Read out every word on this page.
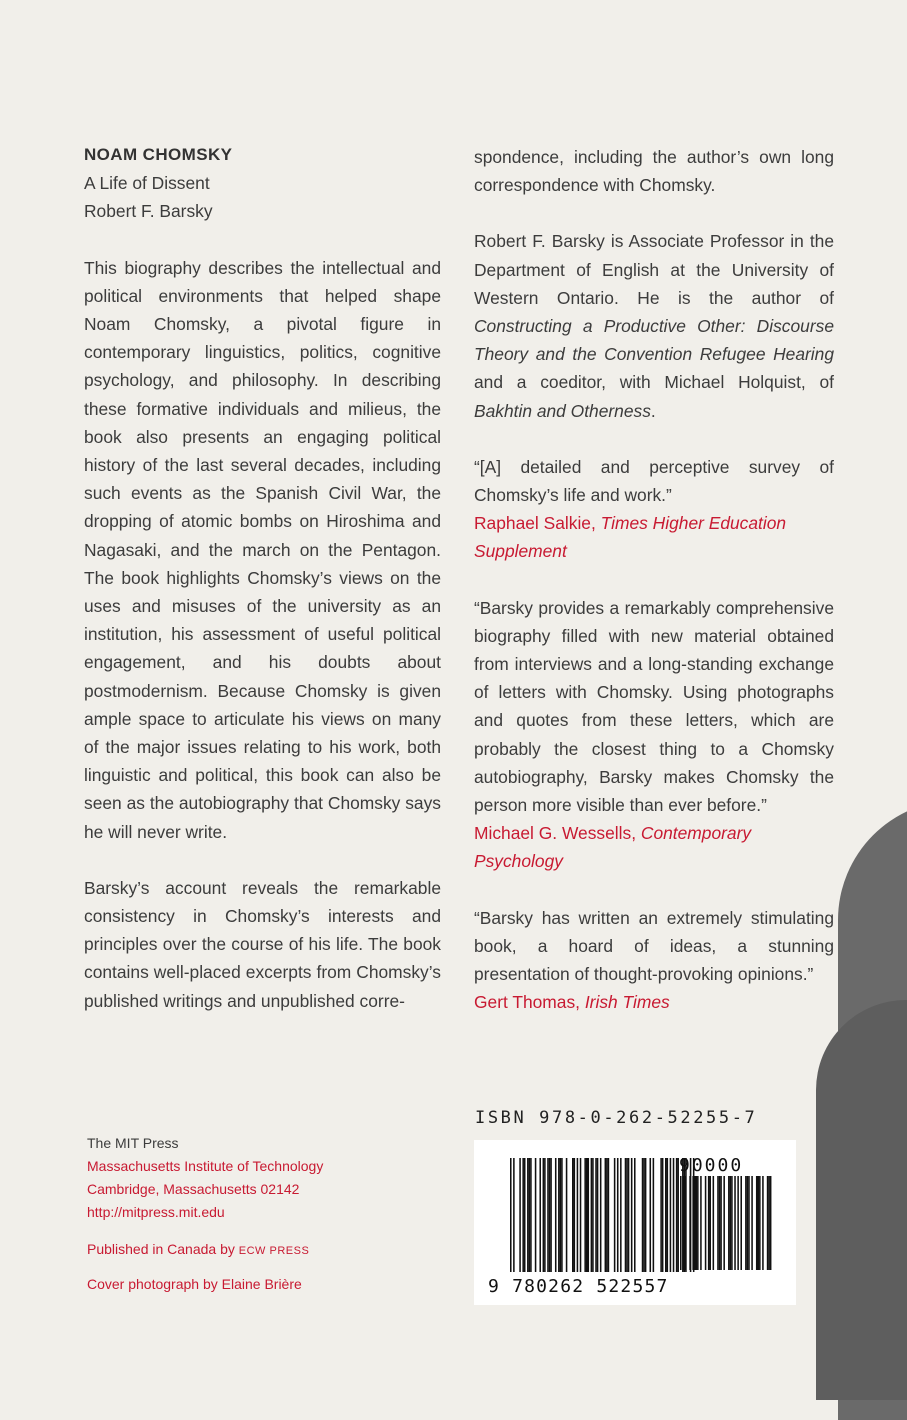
NOAM CHOMSKY

A Life of Dissent

Robert F. Barsky

This biography describes the intellectual and political environments that helped shape Noam Chomsky, a pivotal figure in contemporary linguistics, politics, cognitive psychology, and philosophy. In describing these formative individuals and milieus, the book also presents an engaging political history of the last several decades, including such events as the Spanish Civil War, the dropping of atomic bombs on Hiroshima and Nagasaki, and the march on the Pentagon. The book highlights Chomsky’s views on the uses and misuses of the university as an institution, his assessment of useful political engagement, and his doubts about postmodernism. Because Chomsky is given ample space to articulate his views on many of the major issues relating to his work, both linguistic and political, this book can also be seen as the autobiography that Chomsky says he will never write.

Barsky’s account reveals the remarkable consistency in Chomsky’s interests and principles over the course of his life. The book contains well-placed excerpts from Chomsky’s published writings and unpublished corre-

spondence, including the author’s own long correspondence with Chomsky.

Robert F. Barsky is Associate Professor in the Department of English at the University of Western Ontario. He is the author of Constructing a Productive Other: Discourse Theory and the Convention Refugee Hearing and a coeditor, with Michael Holquist, of Bakhtin and Otherness.

“[A] detailed and perceptive survey of Chomsky’s life and work.”

Raphael Salkie, Times Higher Education Supplement

“Barsky provides a remarkably comprehensive biography filled with new material obtained from interviews and a long-standing exchange of letters with Chomsky. Using photographs and quotes from these letters, which are probably the closest thing to a Chomsky autobiography, Barsky makes Chomsky the person more visible than ever before.”

Michael G. Wessells, Contemporary Psychology

“Barsky has written an extremely stimulating book, a hoard of ideas, a stunning presentation of thought-provoking opinions.”

Gert Thomas, Irish Times

The MIT Press

Massachusetts Institute of Technology

Cambridge, Massachusetts 02142

http://mitpress.mit.edu

Published in Canada by ECW PRESS

Cover photograph by Elaine Brière

ISBN 978-0-262-52255-7
9 780262 522557
90000
